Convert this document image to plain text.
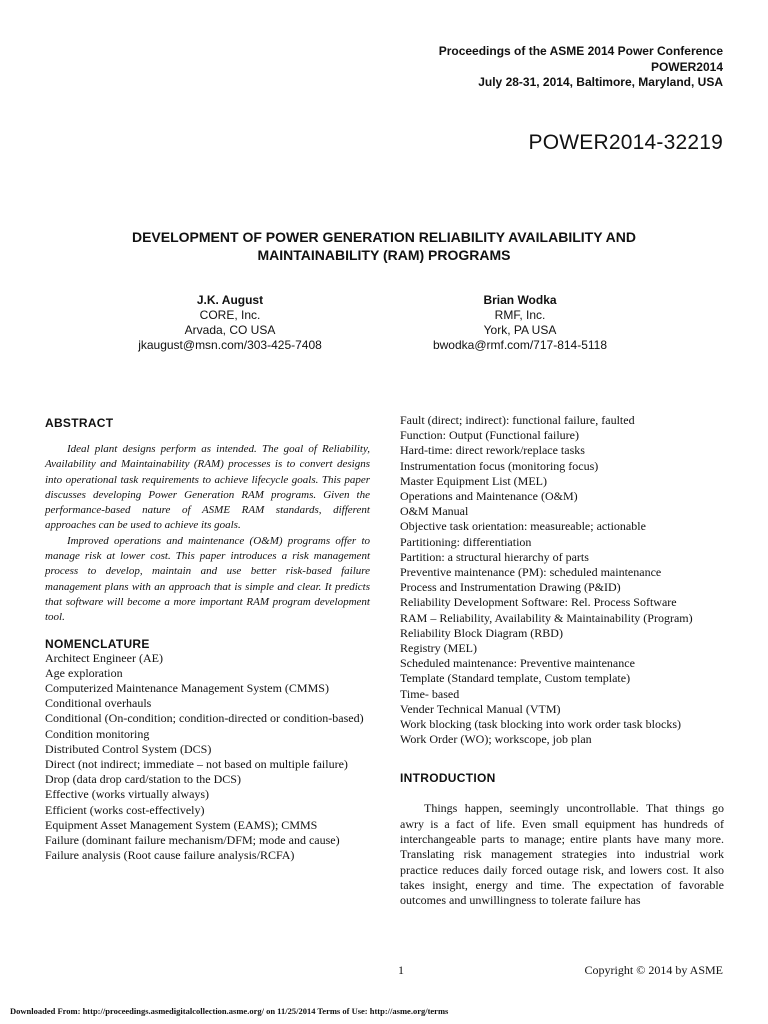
Proceedings of the ASME 2014 Power Conference
POWER2014
July 28-31, 2014, Baltimore, Maryland, USA
POWER2014-32219
DEVELOPMENT OF POWER GENERATION RELIABILITY AVAILABILITY AND
MAINTAINABILITY (RAM) PROGRAMS
J.K. August
CORE, Inc.
Arvada, CO USA
jkaugust@msn.com/303-425-7408
Brian Wodka
RMF, Inc.
York, PA USA
bwodka@rmf.com/717-814-5118
ABSTRACT

Ideal plant designs perform as intended. The goal of Reliability, Availability and Maintainability (RAM) processes is to convert designs into operational task requirements to achieve lifecycle goals. This paper discusses developing Power Generation RAM programs. Given the performance-based nature of ASME RAM standards, different approaches can be used to achieve its goals.

Improved operations and maintenance (O&M) programs offer to manage risk at lower cost. This paper introduces a risk management process to develop, maintain and use better risk-based failure management plans with an approach that is simple and clear. It predicts that software will become a more important RAM program development tool.

NOMENCLATURE
Architect Engineer (AE)
Age exploration
Computerized Maintenance Management System (CMMS)
Conditional overhauls
Conditional (On-condition; condition-directed or condition-based)
Condition monitoring
Distributed Control System (DCS)
Direct (not indirect; immediate – not based on multiple failure)
Drop (data drop card/station to the DCS)
Effective (works virtually always)
Efficient (works cost-effectively)
Equipment Asset Management System (EAMS); CMMS
Failure (dominant failure mechanism/DFM; mode and cause)
Failure analysis (Root cause failure analysis/RCFA)
Fault (direct; indirect): functional failure, faulted
Function: Output (Functional failure)
Hard-time: direct rework/replace tasks
Instrumentation focus (monitoring focus)
Master Equipment List (MEL)
Operations and Maintenance (O&M)
O&M Manual
Objective task orientation: measureable; actionable
Partitioning: differentiation
Partition: a structural hierarchy of parts
Preventive maintenance (PM): scheduled maintenance
Process and Instrumentation Drawing (P&ID)
Reliability Development Software: Rel. Process Software
RAM – Reliability, Availability & Maintainability (Program)
Reliability Block Diagram (RBD)
Registry (MEL)
Scheduled maintenance: Preventive maintenance
Template (Standard template, Custom template)
Time- based
Vender Technical Manual (VTM)
Work blocking (task blocking into work order task blocks)
Work Order (WO); workscope, job plan
INTRODUCTION

Things happen, seemingly uncontrollable. That things go awry is a fact of life. Even small equipment has hundreds of interchangeable parts to manage; entire plants have many more. Translating risk management strategies into industrial work practice reduces daily forced outage risk, and lowers cost. It also takes insight, energy and time. The expectation of favorable outcomes and unwillingness to tolerate failure has

1	Copyright © 2014 by ASME
Downloaded From: http://proceedings.asmedigitalcollection.asme.org/ on 11/25/2014 Terms of Use: http://asme.org/terms
